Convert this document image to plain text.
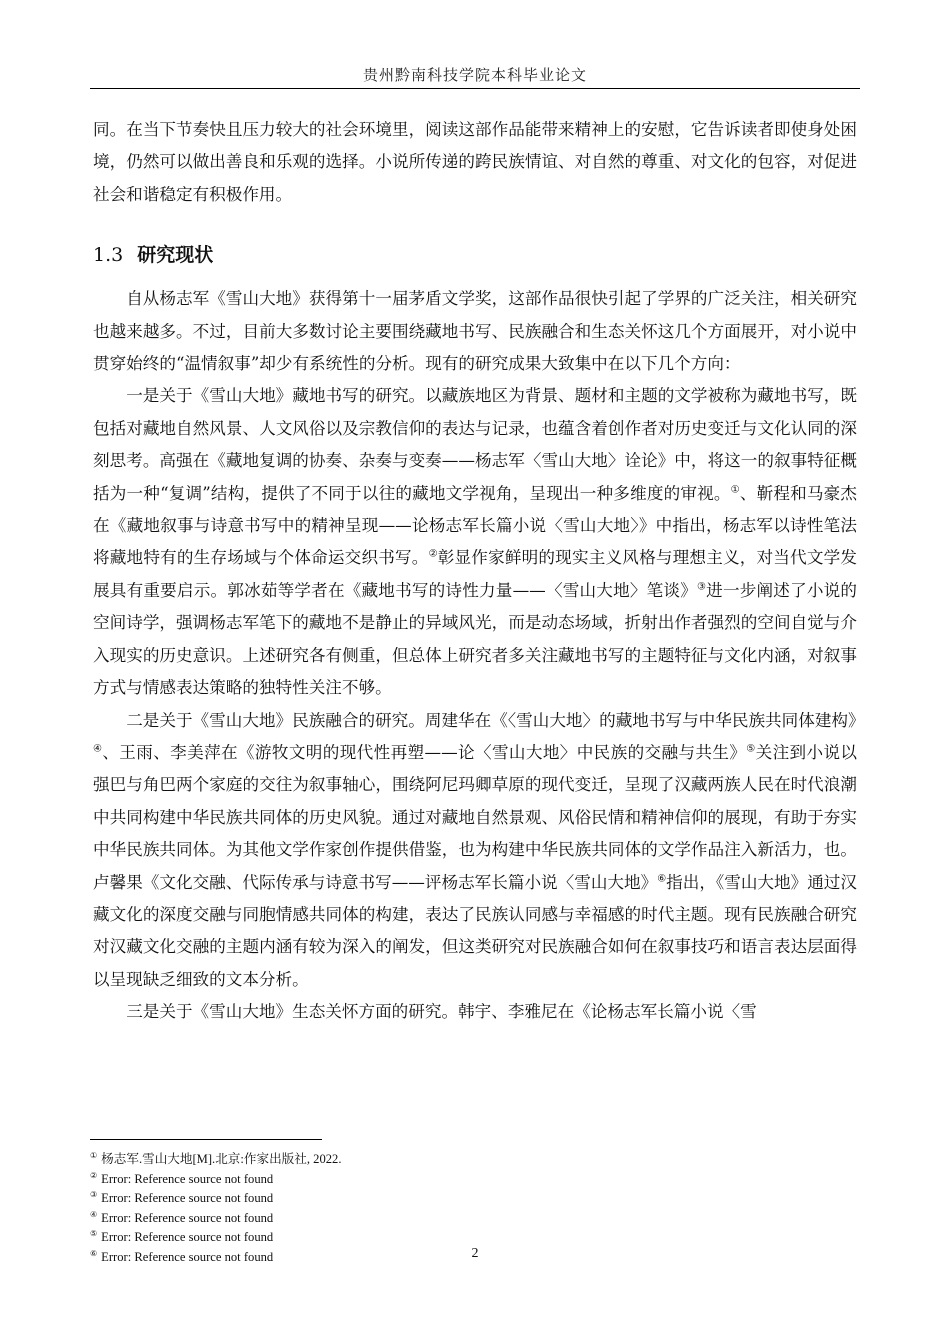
贵州黔南科技学院本科毕业论文

同。在当下节奏快且压力较大的社会环境里，阅读这部作品能带来精神上的安慰，它告诉读者即使身处困境，仍然可以做出善良和乐观的选择。小说所传递的跨民族情谊、对自然的尊重、对文化的包容，对促进社会和谐稳定有积极作用。

1.3 研究现状

自从杨志军《雪山大地》获得第十一届茅盾文学奖，这部作品很快引起了学界的广泛关注，相关研究也越来越多。不过，目前大多数讨论主要围绕藏地书写、民族融合和生态关怀这几个方面展开，对小说中贯穿始终的“温情叙事”却少有系统性的分析。现有的研究成果大致集中在以下几个方向：

一是关于《雪山大地》藏地书写的研究。以藏族地区为背景、题材和主题的文学被称为藏地书写，既包括对藏地自然风景、人文风俗以及宗教信仰的表达与记录，也蕴含着创作者对历史变迁与文化认同的深刻思考。高强在《藏地复调的协奏、杂奏与变奏——杨志军〈雪山大地〉诠论》中，将这一的叙事特征概括为一种“复调”结构，提供了不同于以往的藏地文学视角，呈现出一种多维度的审视。①、靳程和马豪杰在《藏地叙事与诗意书写中的精神呈现——论杨志军长篇小说〈雪山大地〉》中指出，杨志军以诗性笔法将藏地特有的生存场域与个体命运交织书写。②彰显作家鲜明的现实主义风格与理想主义，对当代文学发展具有重要启示。郭冰茹等学者在《藏地书写的诗性力量——〈雪山大地〉笔谈》③进一步阐述了小说的空间诗学，强调杨志军笔下的藏地不是静止的异域风光，而是动态场域，折射出作者强烈的空间自觉与介入现实的历史意识。上述研究各有侧重，但总体上研究者多关注藏地书写的主题特征与文化内涵，对叙事方式与情感表达策略的独特性关注不够。

二是关于《雪山大地》民族融合的研究。周建华在《〈雪山大地〉的藏地书写与中华民族共同体建构》④、王雨、李美萍在《游牧文明的现代性再塑——论〈雪山大地〉中民族的交融与共生》⑤关注到小说以强巴与角巴两个家庭的交往为叙事轴心，围绕阿尼玛卿草原的现代变迁，呈现了汉藏两族人民在时代浪潮中共同构建中华民族共同体的历史风貌。通过对藏地自然景观、风俗民情和精神信仰的展现，有助于夯实中华民族共同体。为其他文学作家创作提供借鉴，也为构建中华民族共同体的文学作品注入新活力，也。卢馨果《文化交融、代际传承与诗意书写——评杨志军长篇小说〈雪山大地》⑥指出，《雪山大地》通过汉藏文化的深度交融与同胞情感共同体的构建，表达了民族认同感与幸福感的时代主题。现有民族融合研究对汉藏文化交融的主题内涵有较为深入的阐发，但这类研究对民族融合如何在叙事技巧和语言表达层面得以呈现缺乏细致的文本分析。

三是关于《雪山大地》生态关怀方面的研究。韩宇、李雅尼在《论杨志军长篇小说〈雪

① 杨志军.雪山大地[M].北京:作家出版社, 2022.
② Error: Reference source not found
③ Error: Reference source not found
④ Error: Reference source not found
⑤ Error: Reference source not found
⑥ Error: Reference source not found	2
